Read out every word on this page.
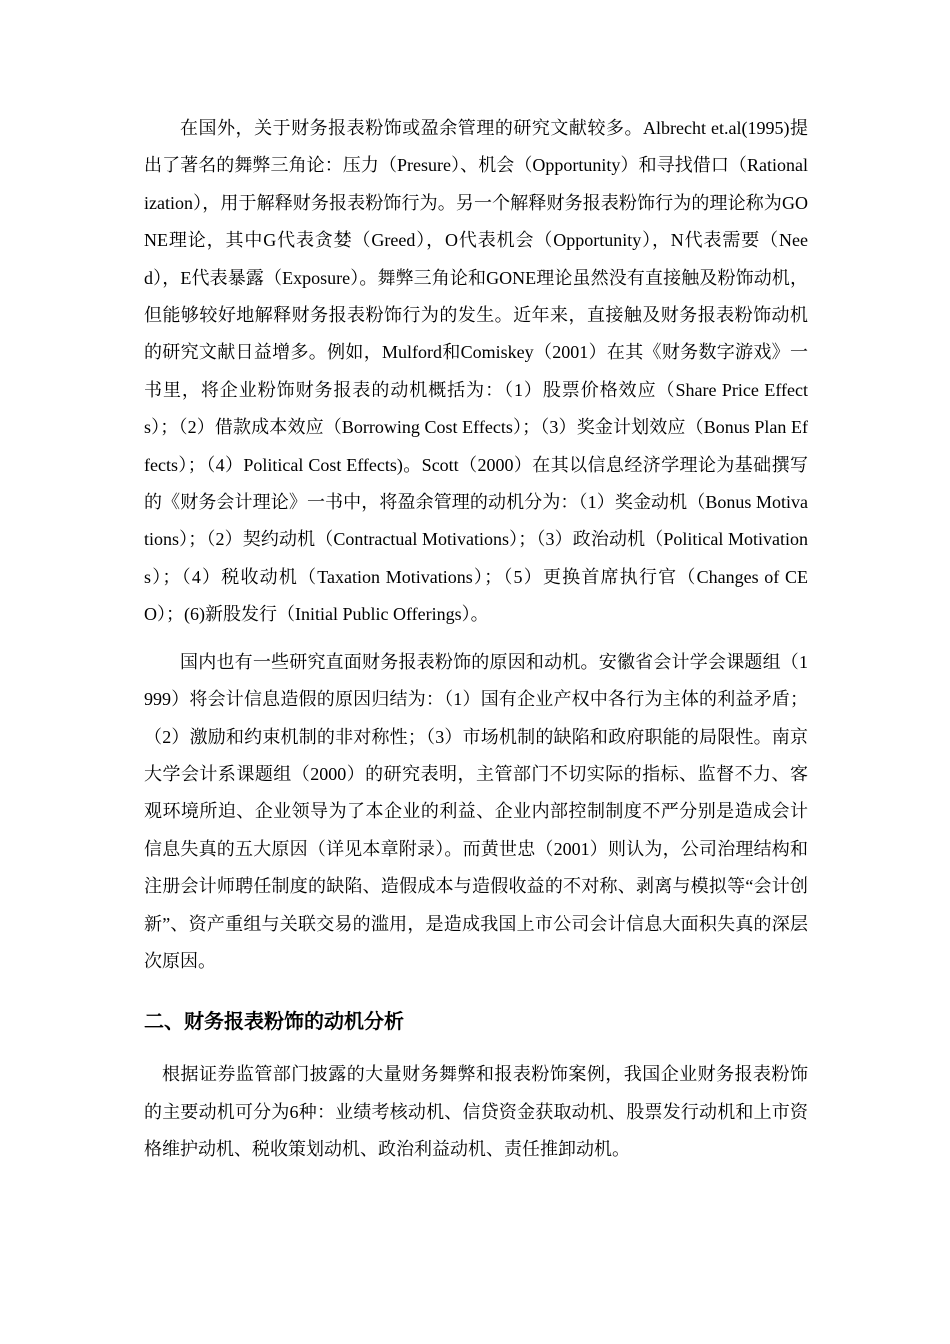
在国外，关于财务报表粉饰或盈余管理的研究文献较多。Albrecht et.al(1995)提出了著名的舞弊三角论：压力（Presure）、机会（Opportunity）和寻找借口（Rationalization），用于解释财务报表粉饰行为。另一个解释财务报表粉饰行为的理论称为GONE理论，其中G代表贪婪（Greed），O代表机会（Opportunity），N代表需要（Need），E代表暴露（Exposure）。舞弊三角论和GONE理论虽然没有直接触及粉饰动机，但能够较好地解释财务报表粉饰行为的发生。近年来，直接触及财务报表粉饰动机的研究文献日益增多。例如，Mulford和Comiskey（2001）在其《财务数字游戏》一书里，将企业粉饰财务报表的动机概括为：（1）股票价格效应（Share Price Effects）；（2）借款成本效应（Borrowing Cost Effects）；（3）奖金计划效应（Bonus Plan Effects）；（4）Political Cost Effects)。Scott（2000）在其以信息经济学理论为基础撰写的《财务会计理论》一书中，将盈余管理的动机分为：（1）奖金动机（Bonus Motivations）；（2）契约动机（Contractual Motivations）；（3）政治动机（Political Motivations）；（4）税收动机（Taxation Motivations）；（5）更换首席执行官（Changes of CEO）；(6)新股发行（Initial Public Offerings）。

国内也有一些研究直面财务报表粉饰的原因和动机。安徽省会计学会课题组（1999）将会计信息造假的原因归结为：（1）国有企业产权中各行为主体的利益矛盾；（2）激励和约束机制的非对称性；（3）市场机制的缺陷和政府职能的局限性。南京大学会计系课题组（2000）的研究表明，主管部门不切实际的指标、监督不力、客观环境所迫、企业领导为了本企业的利益、企业内部控制制度不严分别是造成会计信息失真的五大原因（详见本章附录）。而黄世忠（2001）则认为，公司治理结构和注册会计师聘任制度的缺陷、造假成本与造假收益的不对称、剥离与模拟等“会计创新”、资产重组与关联交易的滥用，是造成我国上市公司会计信息大面积失真的深层次原因。

二、财务报表粉饰的动机分析

根据证券监管部门披露的大量财务舞弊和报表粉饰案例，我国企业财务报表粉饰的主要动机可分为6种：业绩考核动机、信贷资金获取动机、股票发行动机和上市资格维护动机、税收策划动机、政治利益动机、责任推卸动机。
